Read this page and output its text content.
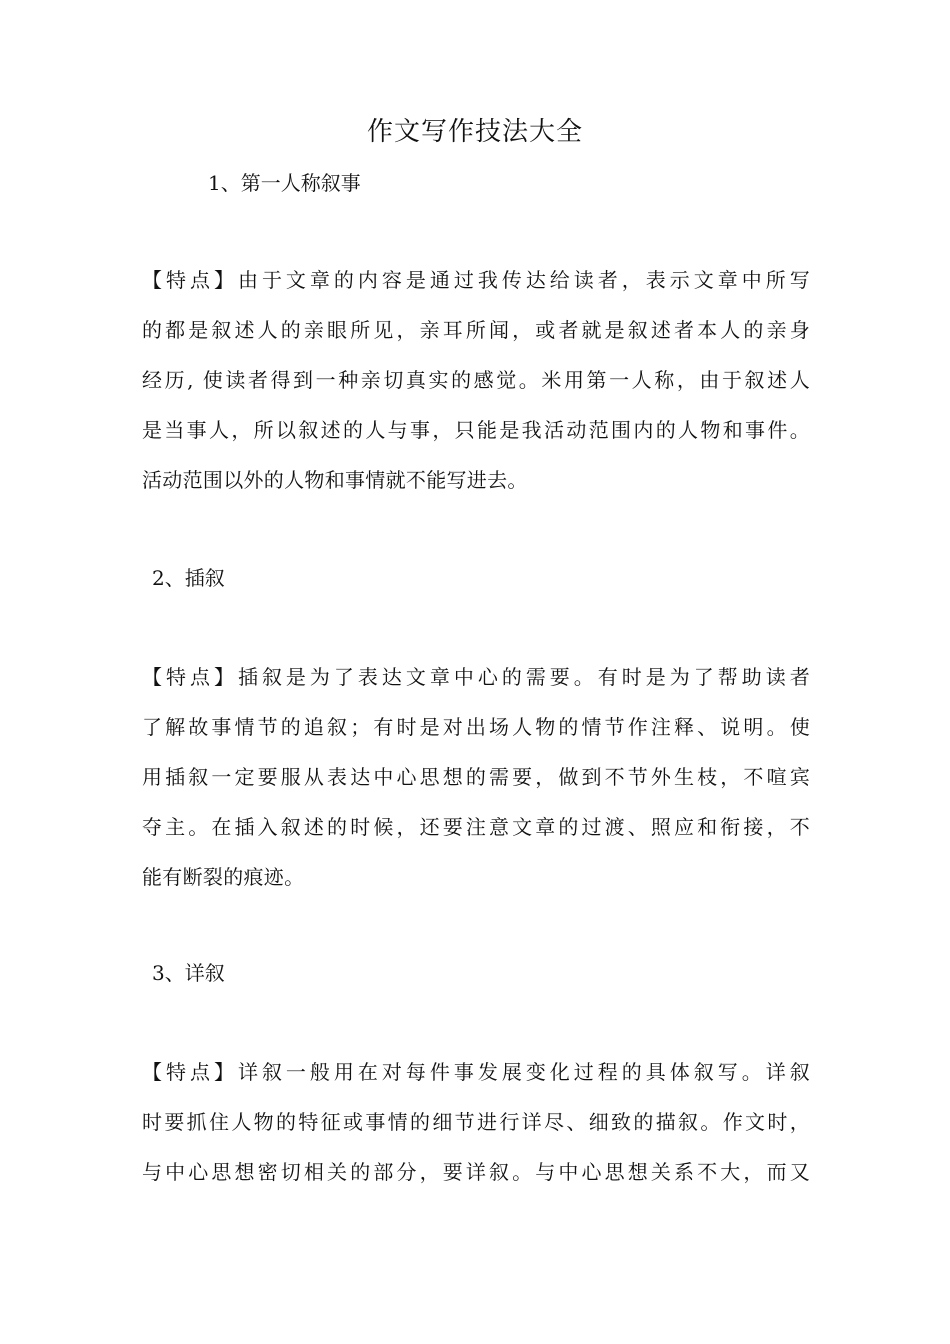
作文写作技法大全
1、第一人称叙事
【特点】由于文章的内容是通过我传达给读者，表示文章中所写
的都是叙述人的亲眼所见，亲耳所闻，或者就是叙述者本人的亲身
经历, 使读者得到一种亲切真实的感觉。米用第一人称，由于叙述人
是当事人，所以叙述的人与事，只能是我活动范围内的人物和事件。
活动范围以外的人物和事情就不能写进去。
2、插叙
【特点】插叙是为了表达文章中心的需要。有时是为了帮助读者
了解故事情节的追叙；有时是对出场人物的情节作注释、说明。使
用插叙一定要服从表达中心思想的需要，做到不节外生枝，不喧宾
夺主。在插入叙述的时候，还要注意文章的过渡、照应和衔接，不
能有断裂的痕迹。
3、详叙
【特点】详叙一般用在对每件事发展变化过程的具体叙写。详叙
时要抓住人物的特征或事情的细节进行详尽、细致的描叙。作文时，
与中心思想密切相关的部分，要详叙。与中心思想关系不大，而又
